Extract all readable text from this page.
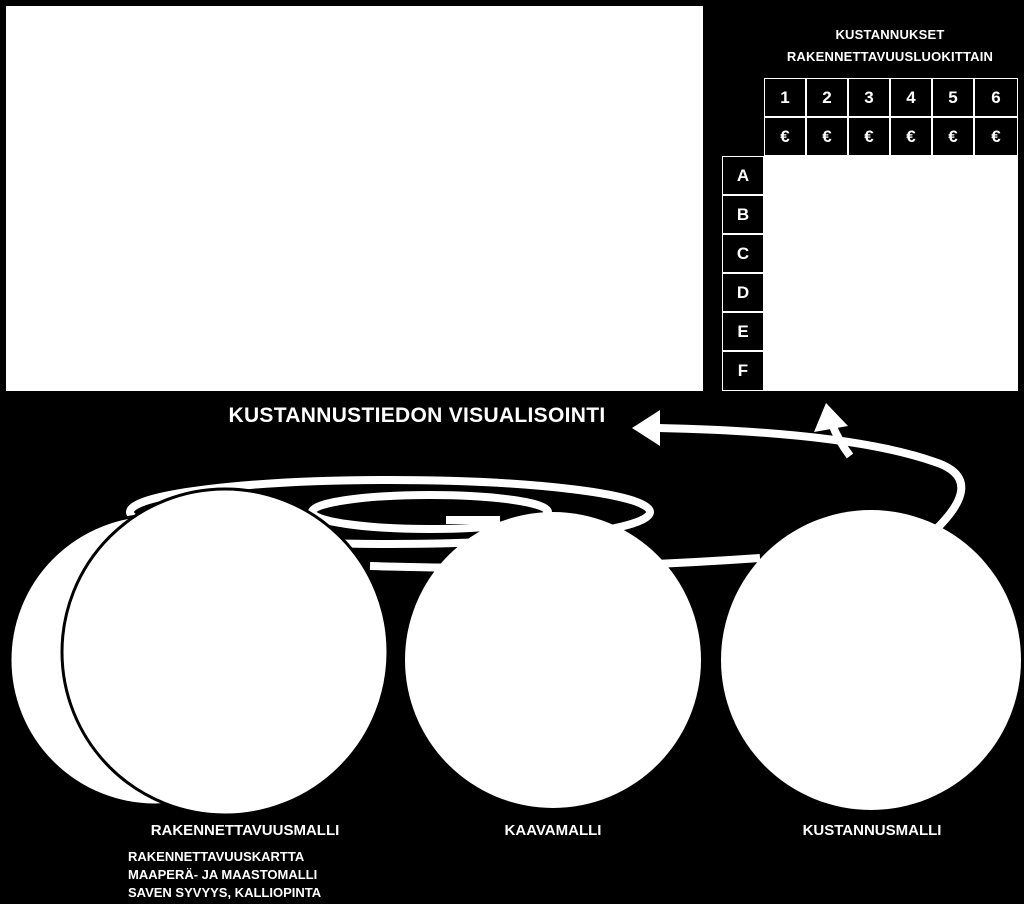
KUSTANNUKSET
RAKENNETTAVUUSLUOKITTAIN
1	2	3	4	5	6
€	€	€	€	€	€
A
B
C
D
E
F
KUSTANNUSTIEDON VISUALISOINTI
RAKENNETTAVUUSMALLI	KAAVAMALLI	KUSTANNUSMALLI
RAKENNETTAVUUSKARTTA
MAAPERÄ- JA MAASTOMALLI
SAVEN SYVYYS, KALLIOPINTA
